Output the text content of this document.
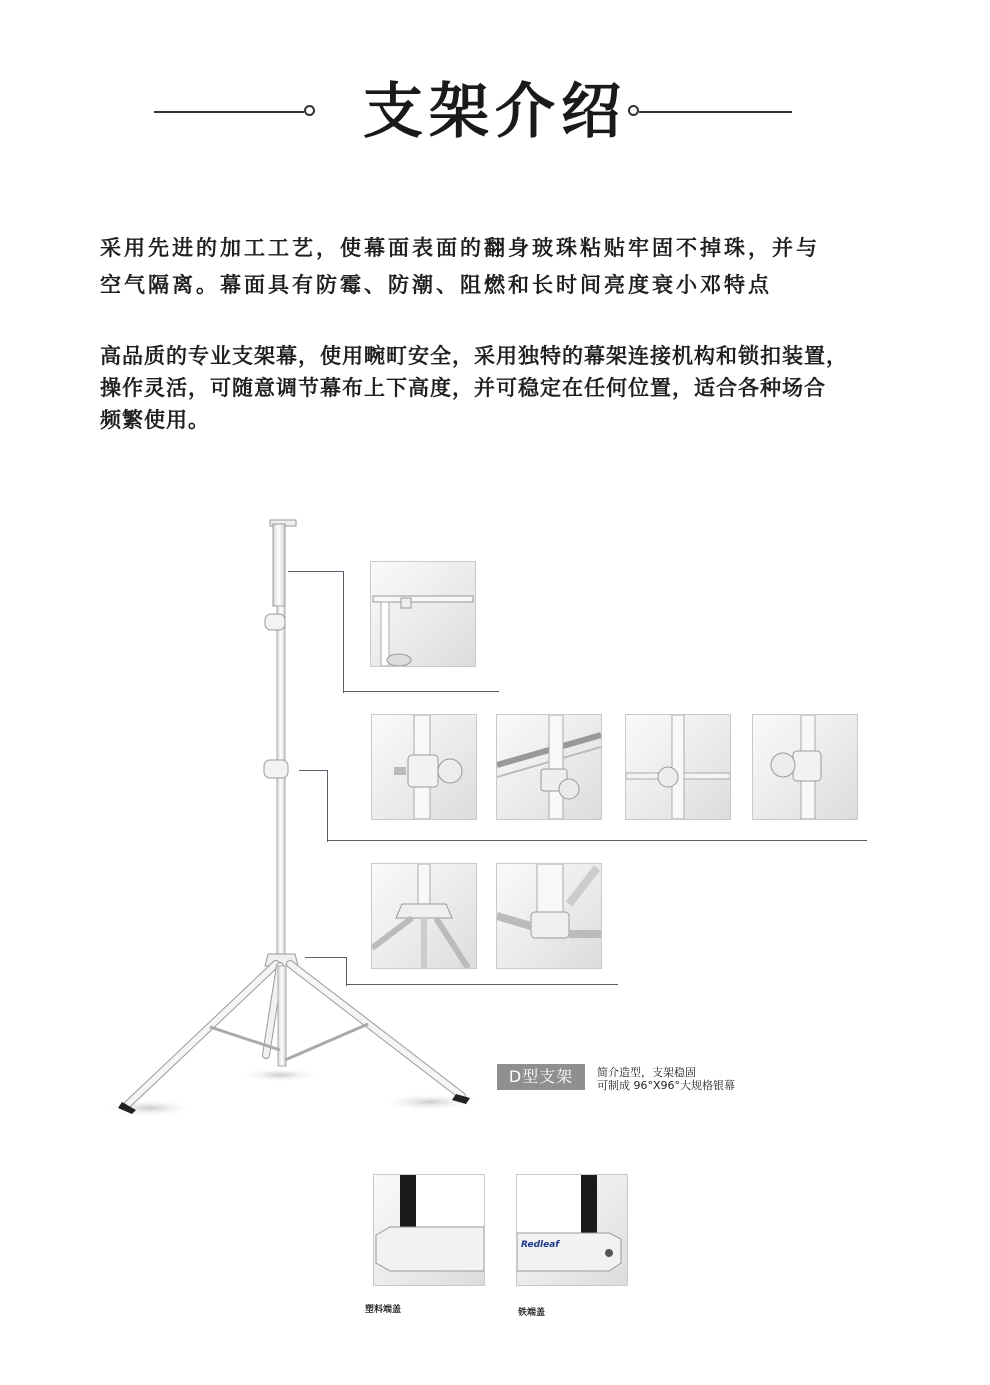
支架介绍
采用先进的加工工艺，使幕面表面的翻身玻珠粘贴牢固不掉珠，并与
空气隔离。幕面具有防霉、防潮、阻燃和长时间亮度衰小邓特点
高品质的专业支架幕，使用畹町安全，采用独特的幕架连接机构和锁扣装置，
操作灵活，可随意调节幕布上下高度，并可稳定在任何位置，适合各种场合
频繁使用。
D型支架	简介造型，支架稳固
可制成 96°X96°大规格银幕
Redleaf
塑料端盖	铁端盖
